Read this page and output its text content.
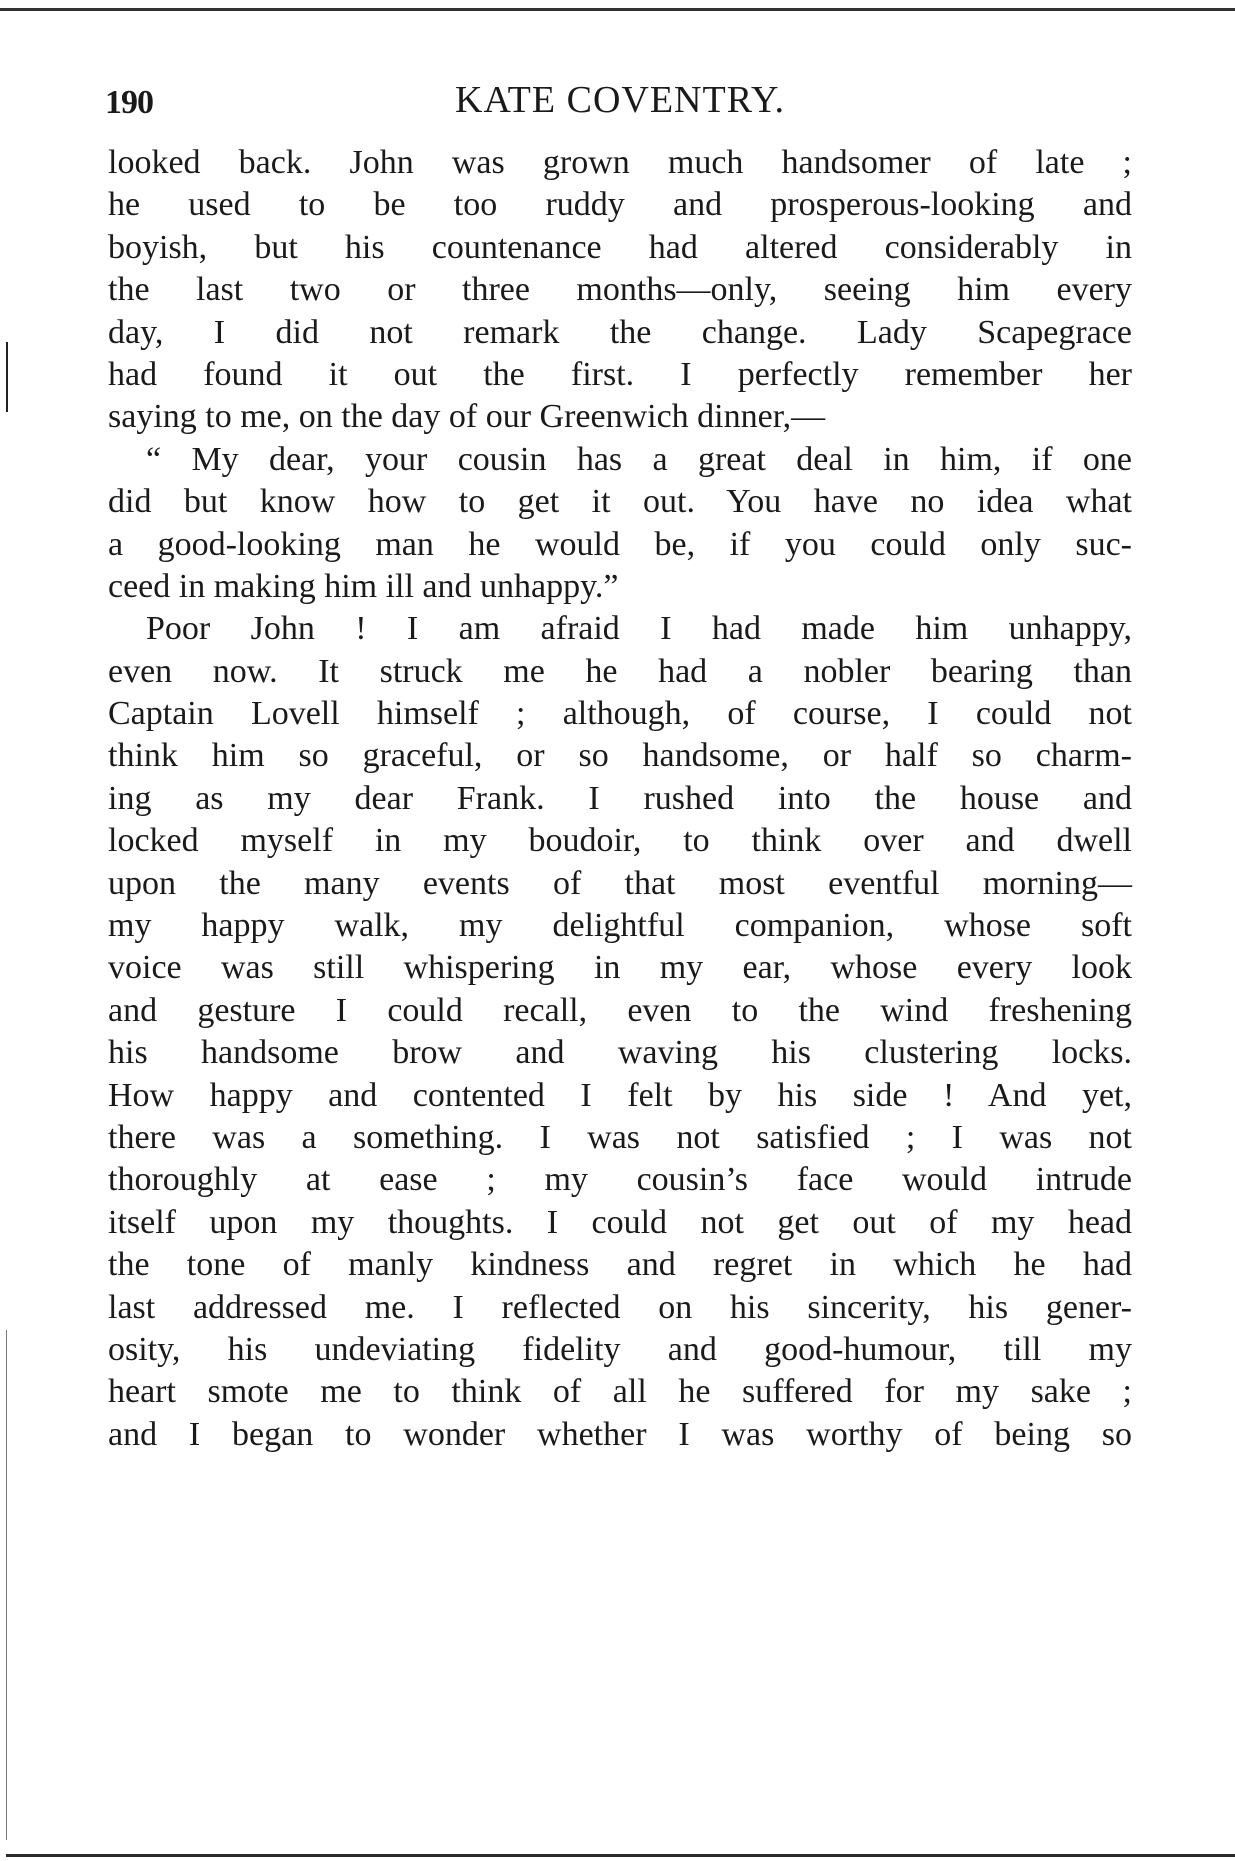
190	KATE COVENTRY.
looked back. John was grown much handsomer of late ;
he used to be too ruddy and prosperous-looking and
boyish, but his countenance had altered considerably in
the last two or three months—only, seeing him every
day, I did not remark the change. Lady Scapegrace
had found it out the first. I perfectly remember her
saying to me, on the day of our Greenwich dinner,—
“ My dear, your cousin has a great deal in him, if one
did but know how to get it out. You have no idea what
a good-looking man he would be, if you could only suc-
ceed in making him ill and unhappy.”
Poor John ! I am afraid I had made him unhappy,
even now. It struck me he had a nobler bearing than
Captain Lovell himself ; although, of course, I could not
think him so graceful, or so handsome, or half so charm-
ing as my dear Frank. I rushed into the house and
locked myself in my boudoir, to think over and dwell
upon the many events of that most eventful morning—
my happy walk, my delightful companion, whose soft
voice was still whispering in my ear, whose every look
and gesture I could recall, even to the wind freshening
his handsome brow and waving his clustering locks.
How happy and contented I felt by his side ! And yet,
there was a something. I was not satisfied ; I was not
thoroughly at ease ; my cousin’s face would intrude
itself upon my thoughts. I could not get out of my head
the tone of manly kindness and regret in which he had
last addressed me. I reflected on his sincerity, his gener-
osity, his undeviating fidelity and good-humour, till my
heart smote me to think of all he suffered for my sake ;
and I began to wonder whether I was worthy of being so
